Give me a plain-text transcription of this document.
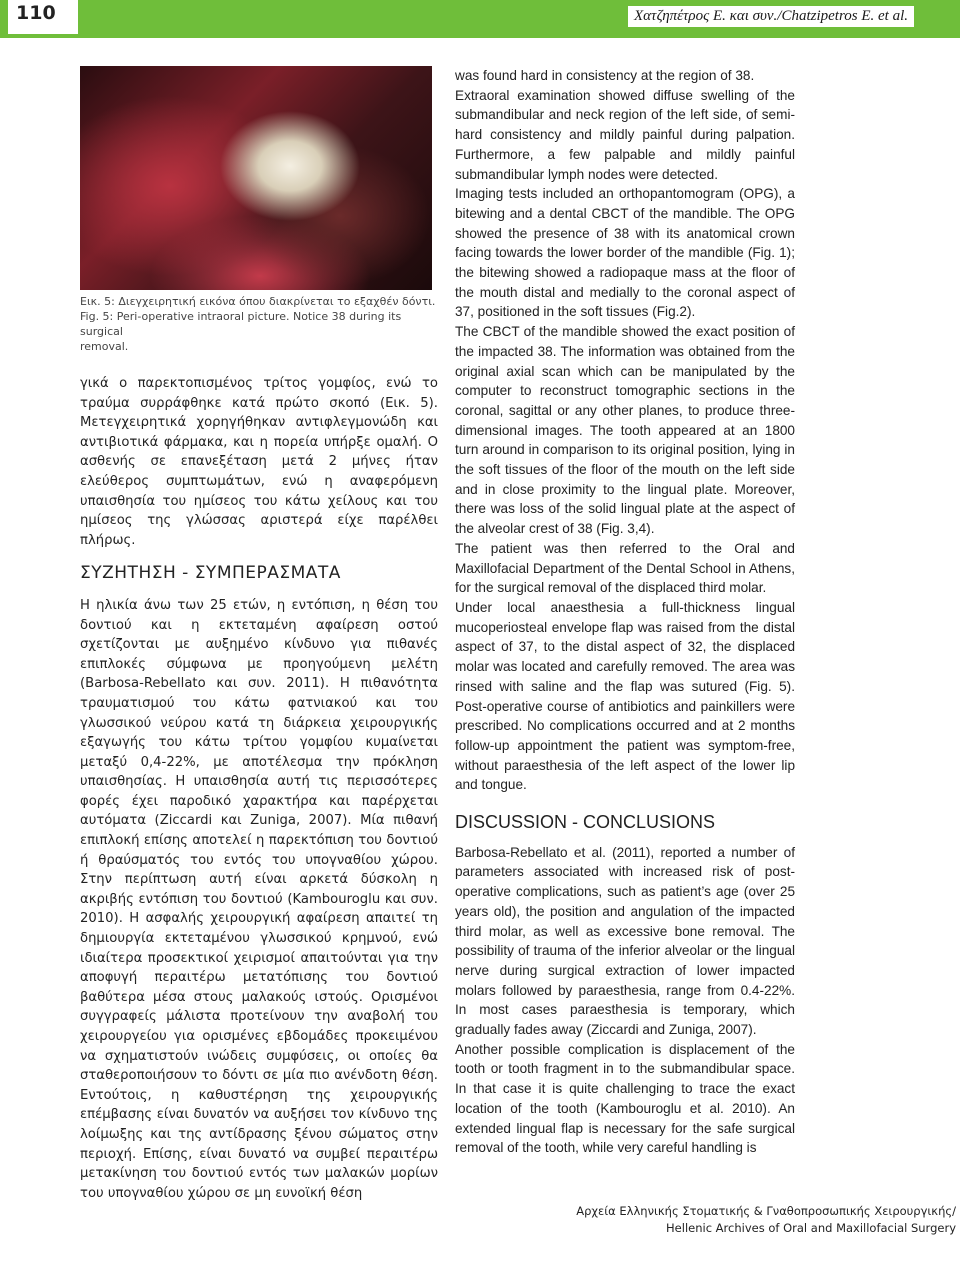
110	Χατζηπέτρος Ε. και συν./Chatzipetros E. et al.
Εικ. 5: Διεγχειρητική εικόνα όπου διακρίνεται το εξαχθέν δόντι.
Fig. 5: Peri-operative intraoral picture. Notice 38 during its surgical
removal.

γικά ο παρεκτοπισμένος τρίτος γομφίος, ενώ το τραύμα συρράφθηκε κατά πρώτο σκοπό (Εικ. 5). Μετεγχειρητικά χορηγήθηκαν αντιφλεγμονώδη και αντιβιοτικά φάρμακα, και η πορεία υπήρξε ομαλή. Ο ασθενής σε επανεξέταση μετά 2 μήνες ήταν ελεύθερος συμπτωμάτων, ενώ η αναφερόμενη υπαισθησία του ημίσεος του κάτω χείλους και του ημίσεος της γλώσσας αριστερά είχε παρέλθει πλήρως.

ΣΥΖΗΤΗΣΗ - ΣΥΜΠΕΡΑΣΜΑΤΑ

Η ηλικία άνω των 25 ετών, η εντόπιση, η θέση του δοντιού και η εκτεταμένη αφαίρεση οστού σχετίζονται με αυξημένο κίνδυνο για πιθανές επιπλοκές σύμφωνα με προηγούμενη μελέτη (Barbosa-Rebellato και συν. 2011). Η πιθανότητα τραυματισμού του κάτω φατνιακού και του γλωσσικού νεύρου κατά τη διάρκεια χειρουργικής εξαγωγής του κάτω τρίτου γομφίου κυμαίνεται μεταξύ 0,4-22%, με αποτέλεσμα την πρόκληση υπαισθησίας. Η υπαισθησία αυτή τις περισσότερες φορές έχει παροδικό χαρακτήρα και παρέρχεται αυτόματα (Ziccardi και Zuniga, 2007). Μία πιθανή επιπλοκή επίσης αποτελεί η παρεκτόπιση του δοντιού ή θραύσματός του εντός του υπογναθίου χώρου. Στην περίπτωση αυτή είναι αρκετά δύσκολη η ακριβής εντόπιση του δοντιού (Kambouroglu και συν. 2010). Η ασφαλής χειρουργική αφαίρεση απαιτεί τη δημιουργία εκτεταμένου γλωσσικού κρημνού, ενώ ιδιαίτερα προσεκτικοί χειρισμοί απαιτούνται για την αποφυγή περαιτέρω μετατόπισης του δοντιού βαθύτερα μέσα στους μαλακούς ιστούς. Ορισμένοι συγγραφείς μάλιστα προτείνουν την αναβολή του χειρουργείου για ορισμένες εβδομάδες προκειμένου να σχηματιστούν ινώδεις συμφύσεις, οι οποίες θα σταθεροποιήσουν το δόντι σε μία πιο ανένδοτη θέση. Εντούτοις, η καθυστέρηση της χειρουργικής επέμβασης είναι δυνατόν να αυξήσει τον κίνδυνο της λοίμωξης και της αντίδρασης ξένου σώματος στην περιοχή. Επίσης, είναι δυνατό να συμβεί περαιτέρω μετακίνηση του δοντιού εντός των μαλακών μορίων του υπογναθίου χώρου σε μη ευνοϊκή θέση

was found hard in consistency at the region of 38.

Extraoral examination showed diffuse swelling of the submandibular and neck region of the left side, of semi-hard consistency and mildly painful during palpation. Furthermore, a few palpable and mildly painful submandibular lymph nodes were detected.

Imaging tests included an orthopantomogram (OPG), a bitewing and a dental CBCT of the mandible. The OPG showed the presence of 38 with its anatomical crown facing towards the lower border of the mandible (Fig. 1); the bitewing showed a radiopaque mass at the floor of the mouth distal and medially to the coronal aspect of 37, positioned in the soft tissues (Fig.2).

The CBCT of the mandible showed the exact position of the impacted 38. The information was obtained from the original axial scan which can be manipulated by the computer to reconstruct tomographic sections in the coronal, sagittal or any other planes, to produce three-dimensional images. The tooth appeared at an 1800 turn around in comparison to its original position, lying in the soft tissues of the floor of the mouth on the left side and in close proximity to the lingual plate. Moreover, there was loss of the solid lingual plate at the aspect of the alveolar crest of 38 (Fig. 3,4).

The patient was then referred to the Oral and Maxillofacial Department of the Dental School in Athens, for the surgical removal of the displaced third molar.

Under local anaesthesia a full-thickness lingual mucoperiosteal envelope flap was raised from the distal aspect of 37, to the distal aspect of 32, the displaced molar was located and carefully removed. The area was rinsed with saline and the flap was sutured (Fig. 5). Post-operative course of antibiotics and painkillers were prescribed. No complications occurred and at 2 months follow-up appointment the patient was symptom-free, without paraesthesia of the left aspect of the lower lip and tongue.

DISCUSSION - CONCLUSIONS

Barbosa-Rebellato et al. (2011), reported a number of parameters associated with increased risk of post-operative complications, such as patient’s age (over 25 years old), the position and angulation of the impacted third molar, as well as excessive bone removal. The possibility of trauma of the inferior alveolar or the lingual nerve during surgical extraction of lower impacted molars followed by paraesthesia, range from 0.4-22%. In most cases paraesthesia is temporary, which gradually fades away (Ziccardi and Zuniga, 2007).

Another possible complication is displacement of the tooth or tooth fragment in to the submandibular space. In that case it is quite challenging to trace the exact location of the tooth (Kambouroglu et al. 2010). An extended lingual flap is necessary for the safe surgical removal of the tooth, while very careful handling is

Αρχεία Ελληνικής Στοματικής & Γναθοπροσωπικής Χειρουργικής/
Hellenic Archives of Oral and Maxillofacial Surgery
